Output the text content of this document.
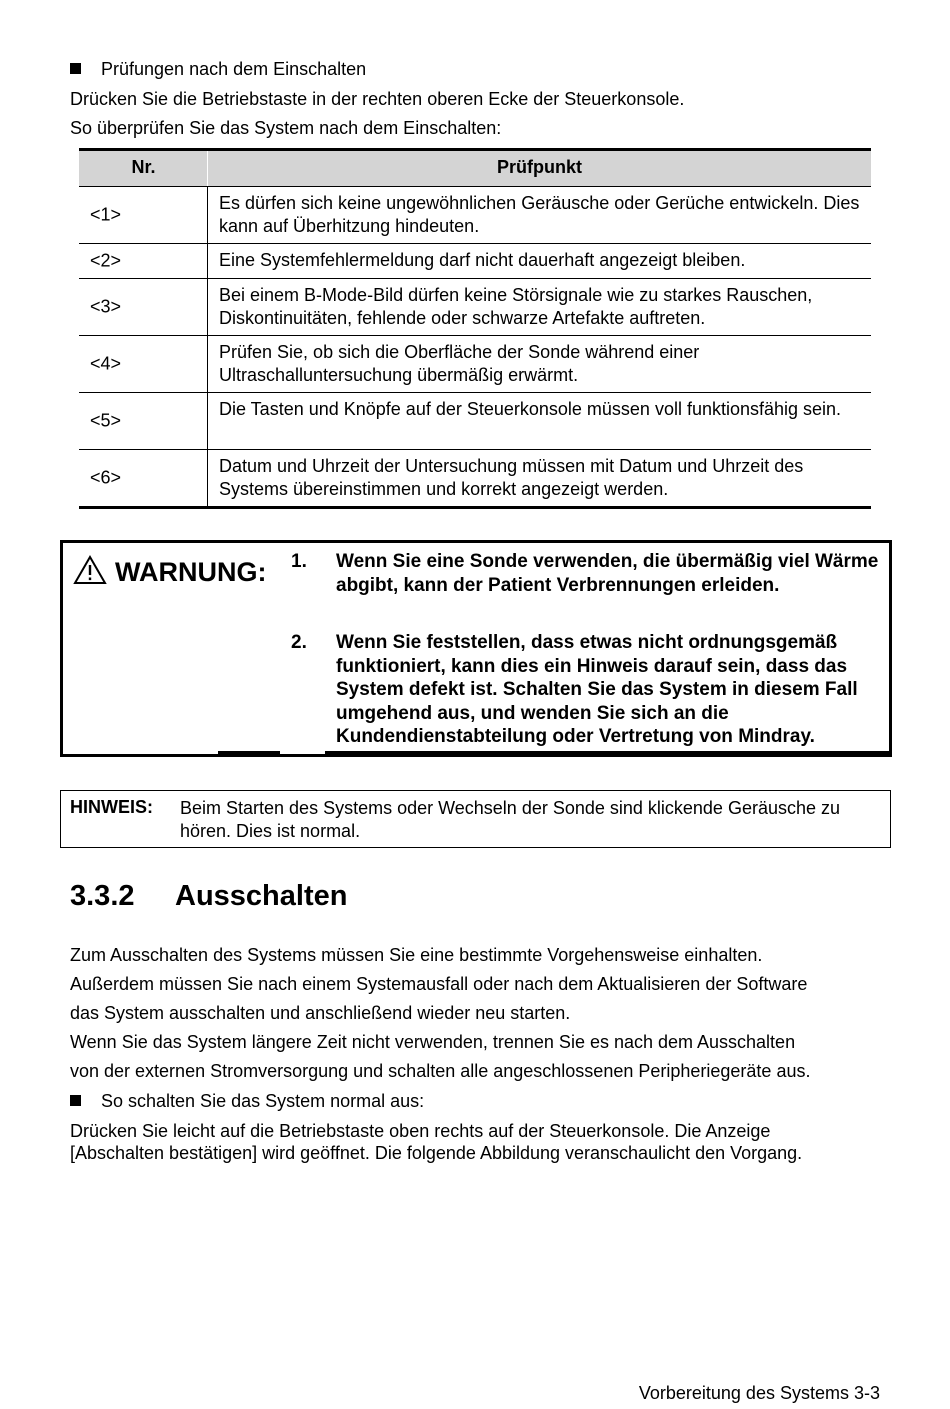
Prüfungen nach dem Einschalten
Drücken Sie die Betriebstaste in der rechten oberen Ecke der Steuerkonsole.
So überprüfen Sie das System nach dem Einschalten:
Nr.	Prüfpunkt
<1>
Es dürfen sich keine ungewöhnlichen Geräusche oder Gerüche entwickeln. Dies kann auf Überhitzung hindeuten.
<2>	Eine Systemfehlermeldung darf nicht dauerhaft angezeigt bleiben.
<3>
Bei einem B-Mode-Bild dürfen keine Störsignale wie zu starkes Rauschen, Diskontinuitäten, fehlende oder schwarze Artefakte auftreten.
<4>
Prüfen Sie, ob sich die Oberfläche der Sonde während einer Ultraschalluntersuchung übermäßig erwärmt.
<5>
Die Tasten und Knöpfe auf der Steuerkonsole müssen voll funktionsfähig sein.
<6>
Datum und Uhrzeit der Untersuchung müssen mit Datum und Uhrzeit des Systems übereinstimmen und korrekt angezeigt werden.
WARNUNG: 1. Wenn Sie eine Sonde verwenden, die übermäßig viel Wärme abgibt, kann der Patient Verbrennungen erleiden.
2. Wenn Sie feststellen, dass etwas nicht ordnungsgemäß funktioniert, kann dies ein Hinweis darauf sein, dass das System defekt ist. Schalten Sie das System in diesem Fall umgehend aus, und wenden Sie sich an die Kundendienstabteilung oder Vertretung von Mindray.
HINWEIS: Beim Starten des Systems oder Wechseln der Sonde sind klickende Geräusche zu hören. Dies ist normal.
3.3.2 Ausschalten
Zum Ausschalten des Systems müssen Sie eine bestimmte Vorgehensweise einhalten.
Außerdem müssen Sie nach einem Systemausfall oder nach dem Aktualisieren der Software
das System ausschalten und anschließend wieder neu starten.
Wenn Sie das System längere Zeit nicht verwenden, trennen Sie es nach dem Ausschalten
von der externen Stromversorgung und schalten alle angeschlossenen Peripheriegeräte aus.
So schalten Sie das System normal aus:
Drücken Sie leicht auf die Betriebstaste oben rechts auf der Steuerkonsole. Die Anzeige
[Abschalten bestätigen] wird geöffnet. Die folgende Abbildung veranschaulicht den Vorgang.
Vorbereitung des Systems 3-3
